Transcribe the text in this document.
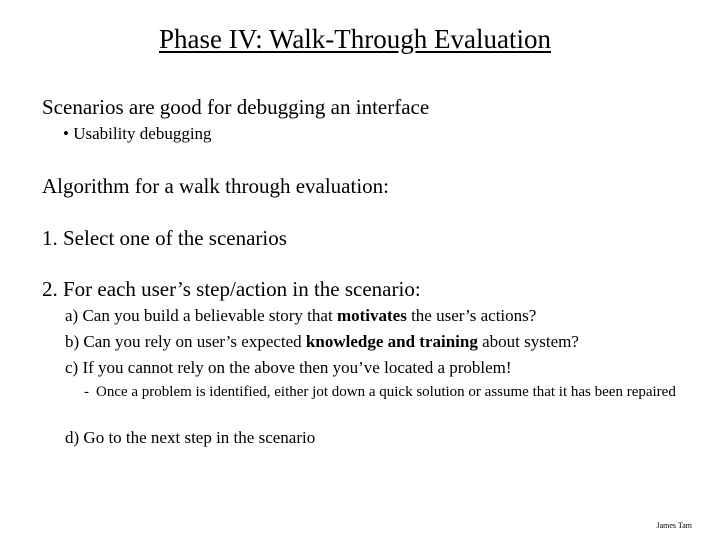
Phase IV: Walk-Through Evaluation
Scenarios are good for debugging an interface
• Usability debugging
Algorithm for a walk through evaluation:
1. Select one of the scenarios
2. For each user’s step/action in the scenario:
a) Can you build a believable story that motivates the user’s actions?
b) Can you rely on user’s expected knowledge and training about system?
c) If you cannot rely on the above then you’ve located a problem!
- Once a problem is identified, either jot down a quick solution or assume that it has been repaired
d) Go to the next step in the scenario
James Tam
